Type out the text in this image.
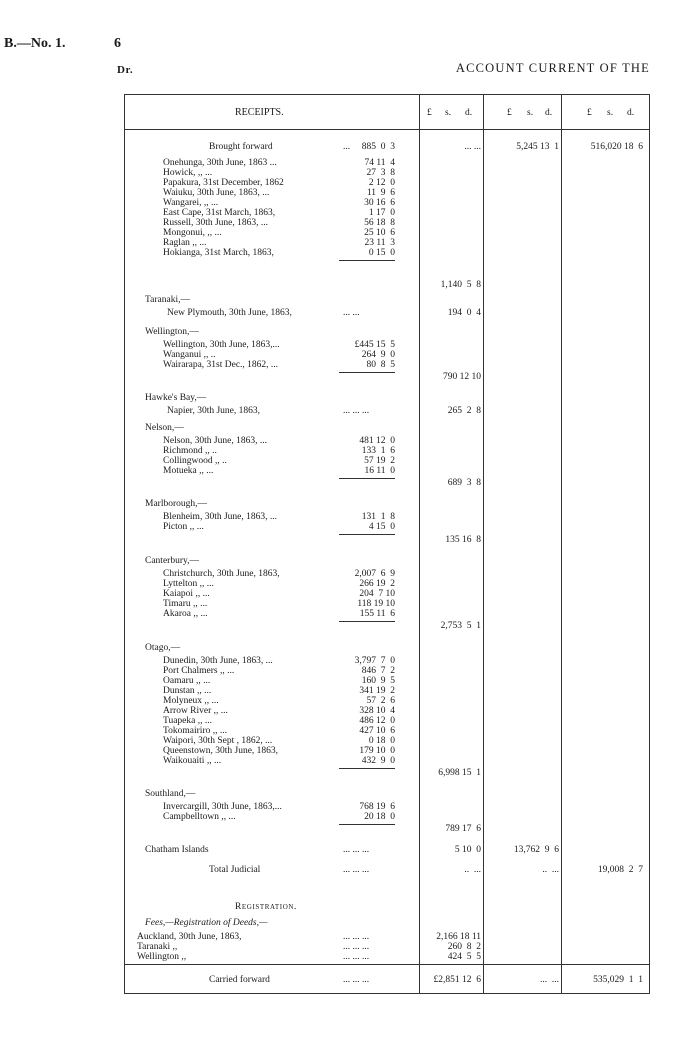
B.—No. 1.	6
Dr.	ACCOUNT CURRENT OF THE
RECEIPTS.	£ s. d.	£ s. d.	£ s. d.
Brought forward	... 885  0  3	... ...	5,245 13  1	516,020 18  6
Onehunga, 30th June, 1863 ...	74 11  4
Howick, ,, ...	27  3  8
Papakura, 31st December, 1862	2 12  0
Waiuku, 30th June, 1863, ...	11  9  6
Wangarei, ,, ...	30 16  6
East Cape, 31st March, 1863,	1 17  0
Russell, 30th June, 1863, ...	56 18  8
Mongonui, ,, ...	25 10  6
Raglan ,, ...	23 11  3
Hokianga, 31st March, 1863,	0 15  0
1,140  5  8
Taranaki,—
New Plymouth, 30th June, 1863,	... ...	194  0  4
Wellington,—
Wellington, 30th June, 1863,...	£445 15  5
Wanganui ,, ..	264  9  0
Wairarapa, 31st Dec., 1862, ...	80  8  5
790 12 10
Hawke's Bay,—
Napier, 30th June, 1863,	... ... ...	265  2  8
Nelson,—
Nelson, 30th June, 1863, ...	481 12  0
Richmond ,, ..	133  1  6
Collingwood ,, ..	57 19  2
Motueka ,, ...	16 11  0
689  3  8
Marlborough,—
Blenheim, 30th June, 1863, ...	131  1  8
Picton ,, ...	4 15  0
135 16  8
Canterbury,—
Christchurch, 30th June, 1863,	2,007  6  9
Lyttelton ,, ...	266 19  2
Kaiapoi ,, ...	204  7 10
Timaru ,, ...	118 19 10
Akaroa ,, ...	155 11  6
2,753  5  1
Otago,—
Dunedin, 30th June, 1863, ...	3,797  7  0
Port Chalmers ,, ...	846  7  2
Oamaru ,, ...	160  9  5
Dunstan ,, ...	341 19  2
Molyneux ,, ...	57  2  6
Arrow River ,, ...	328 10  4
Tuapeka ,, ...	486 12  0
Tokomairiro ,, ...	427 10  6
Waipori, 30th Sept , 1862, ...	0 18  0
Queenstown, 30th June, 1863,	179 10  0
Waikouaiti ,, ...	432  9  0
6,998 15  1
Southland,—
Invercargill, 30th June, 1863,...	768 19  6
Campbelltown ,, ...	20 18  0
789 17  6
Chatham Islands	... ... ...	5 10  0	13,762  9  6
Total Judicial	... ... ...	..  ...	..  ...	19,008  2  7
Registration.
Fees,—Registration of Deeds,—
Auckland, 30th June, 1863,	... ... ...	2,166 18 11
Taranaki ,,	... ... ...	260  8  2
Wellington ,,	... ... ...	424  5  5
Carried forward	... ... ...	£2,851 12  6	...  ...	535,029  1  1
